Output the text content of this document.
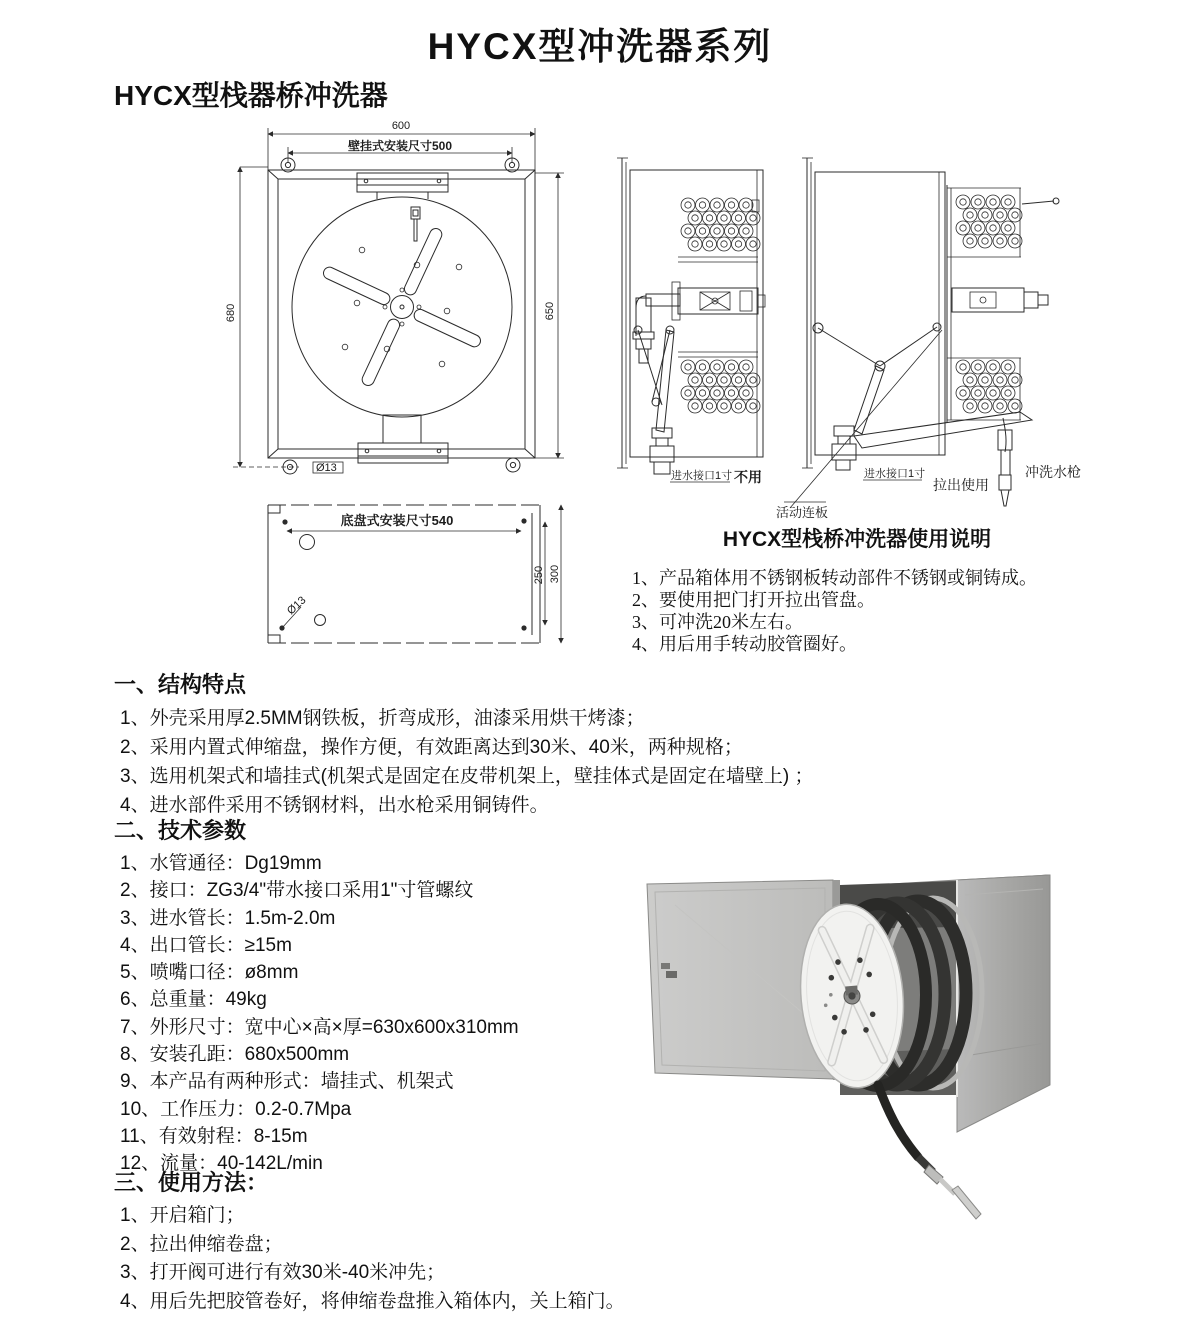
HYCX型冲洗器系列
HYCX型栈器桥冲洗器
600
壁挂式安装尺寸500
680	650
Ø13
底盘式安装尺寸540
Ø13
250 300
进水接口1寸 不用	进水接口1寸
拉出使用
冲洗水枪
活动连板
HYCX型栈桥冲洗器使用说明
1、产品箱体用不锈钢板转动部件不锈钢或铜铸成。
2、要使用把门打开拉出管盘。
3、可冲洗20米左右。
4、用后用手转动胶管圈好。
一、结构特点
1、外壳采用厚2.5MM钢铁板，折弯成形，油漆采用烘干烤漆；
2、采用内置式伸缩盘，操作方便，有效距离达到30米、40米，两种规格；
3、选用机架式和墙挂式(机架式是固定在皮带机架上，壁挂体式是固定在墙壁上) ；
4、进水部件采用不锈钢材料，出水枪采用铜铸件。
二、技术参数
1、水管通径：Dg19mm
2、接口：ZG3/4"带水接口采用1"寸管螺纹
3、进水管长：1.5m-2.0m
4、出口管长：≥15m
5、喷嘴口径：ø8mm
6、总重量：49kg
7、外形尺寸：宽中心×高×厚=630x600x310mm
8、安装孔距：680x500mm
9、本产品有两种形式：墙挂式、机架式
10、工作压力：0.2-0.7Mpa
11、有效射程：8-15m
12、流量：40-142L/min
三、使用方法：
1、开启箱门；
2、拉出伸缩卷盘；
3、打开阀可进行有效30米-40米冲先；
4、用后先把胶管卷好，将伸缩卷盘推入箱体内，关上箱门。
